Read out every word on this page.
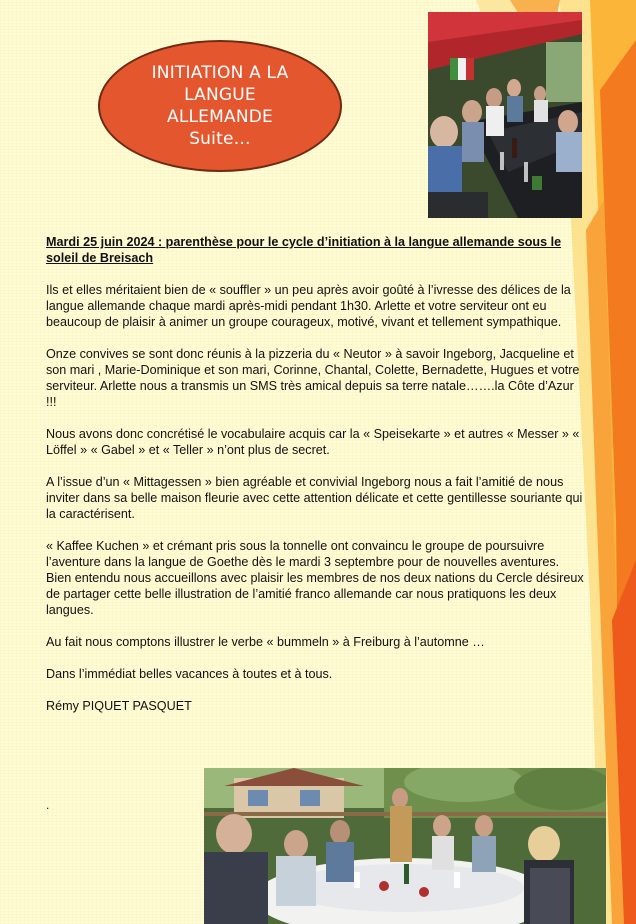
INITIATION A LA
LANGUE
ALLEMANDE
Suite…

Mardi 25 juin 2024 : parenthèse pour le cycle d’initiation à la langue allemande sous le soleil de Breisach

Ils et elles méritaient bien de « souffler » un peu après avoir goûté à l’ivresse des délices de la langue allemande chaque mardi après-midi pendant 1h30. Arlette et votre serviteur ont eu beaucoup de plaisir à animer un groupe courageux, motivé, vivant et tellement sympathique.

Onze convives se sont donc réunis à la pizzeria du « Neutor » à savoir Ingeborg, Jacqueline et son mari , Marie-Dominique et son mari, Corinne, Chantal, Colette, Bernadette, Hugues et votre serviteur. Arlette nous a transmis un SMS très amical depuis sa terre natale…….la Côte d’Azur !!!

Nous avons donc concrétisé le vocabulaire acquis car la « Speisekarte » et autres « Messer » « Löffel » « Gabel » et « Teller » n’ont plus de secret.

A l’issue d’un « Mittagessen » bien agréable et convivial Ingeborg nous a fait l’amitié de nous inviter dans sa belle maison fleurie avec cette attention délicate et cette gentillesse souriante qui la caractérisent.

« Kaffee Kuchen » et crémant pris sous la tonnelle ont convaincu le groupe de poursuivre l’aventure dans la langue de Goethe dès le mardi 3 septembre pour de nouvelles aventures. Bien entendu nous accueillons avec plaisir les membres de nos deux nations du Cercle désireux de partager cette belle illustration de l’amitié franco allemande car nous pratiquons les deux langues.

Au fait nous comptons illustrer le verbe « bummeln » à Freiburg à l’automne …

Dans l’immédiat belles vacances à toutes et à tous.

Rémy PIQUET PASQUET

.
